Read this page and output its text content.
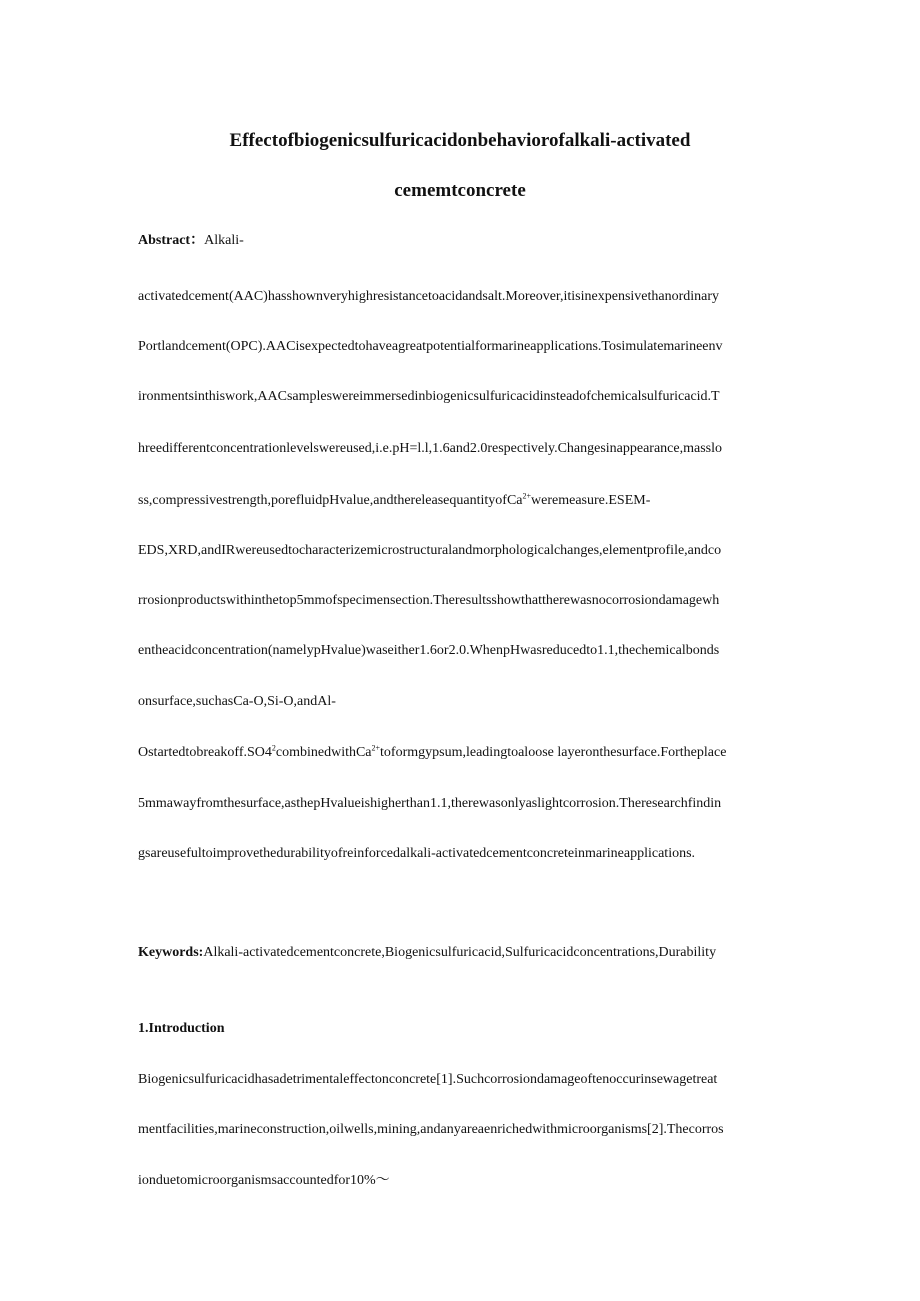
Effectofbiogenicsulfuricacidonbehaviorofalkali-activated
cememtconcrete

Abstract：Alkali-

activatedcement(AAC)hasshownveryhighresistancetoacidandsalt.Moreover,itisinexpensivethanordinary

Portlandcement(OPC).AACisexpectedtohaveagreatpotentialformarineapplications.Tosimulatemarineenv

ironmentsinthiswork,AACsampleswereimmersedinbiogenicsulfuricacidinsteadofchemicalsulfuricacid.T

hreedifferentconcentrationlevelswereused,i.e.pH=l.l,1.6and2.0respectively.Changesinappearance,masslo

ss,compressivestrength,porefluidpHvalue,andthereleasequantityofCa$^{2+}$weremeasure.ESEM-

EDS,XRD,andIRwereusedtocharacterizemicrostructuralandmorphologicalchanges,elementprofile,andco

rrosionproductswithinthetop5mmofspecimensection.Theresultsshowthattherewasnocorrosiondamagewh

entheacidconcentration(namelypHvalue)waseither1.6or2.0.WhenpHwasreducedto1.1,thechemicalbonds

onsurface,suchasCa-O,Si-O,andAl-

$Ostartedtobreakoff.SO4^2combinedwithCa^{2+}toformgypsum,leadingtoaloose$ layeronthesurface.Fortheplace

5mmawayfromthesurface,asthepHvalueishigherthan1.1,therewasonlyaslightcorrosion.Theresearchfindin

gsareusefultoimprovethedurabilityofreinforcedalkali-activatedcementconcreteinmarineapplications.

Keywords:Alkali-activatedcementconcrete,Biogenicsulfuricacid,Sulfuricacidconcentrations,Durability

1.Introduction

Biogenicsulfuricacidhasadetrimentaleffectonconcrete[1].Suchcorrosiondamageoftenoccurinsewagetreat

mentfacilities,marineconstruction,oilwells,mining,andanyareaenrichedwithmicroorganisms[2].Thecorros

ionduetomicroorganismsaccountedfor10%～
